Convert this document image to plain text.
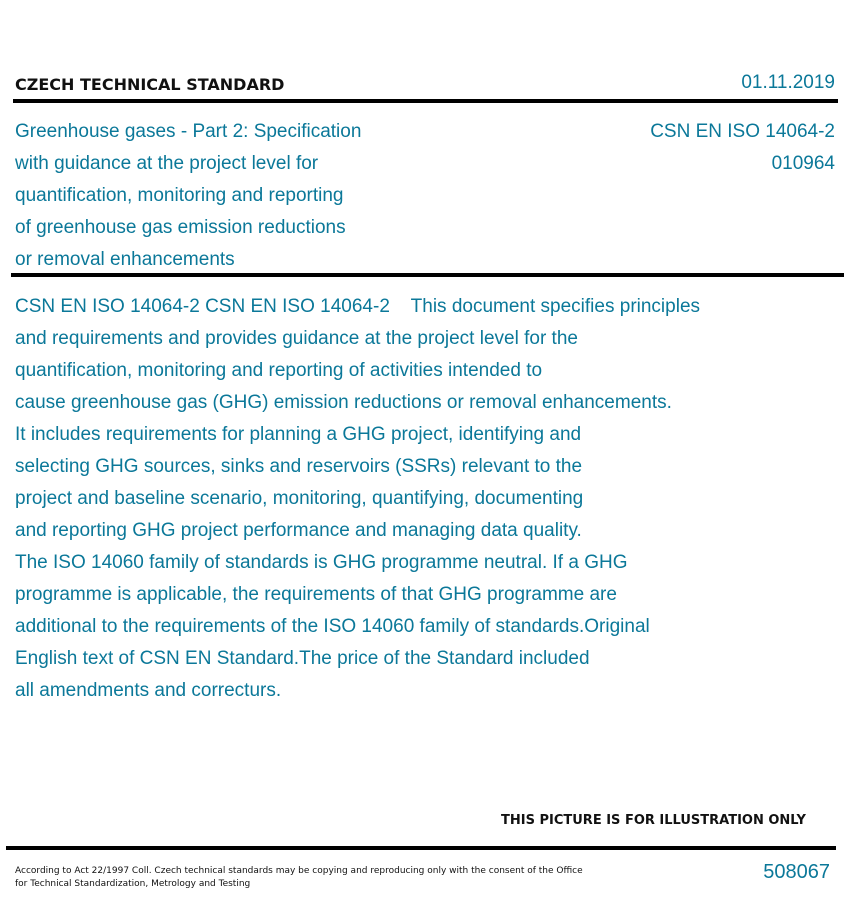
CZECH TECHNICAL STANDARD	01.11.2019
Greenhouse gases - Part 2: Specification
with guidance at the project level for
quantification, monitoring and reporting
of greenhouse gas emission reductions
or removal enhancements
CSN EN ISO 14064-2
010964
CSN EN ISO 14064-2 CSN EN ISO 14064-2    This document specifies principles
and requirements and provides guidance at the project level for the
quantification, monitoring and reporting of activities intended to
cause greenhouse gas (GHG) emission reductions or removal enhancements.
It includes requirements for planning a GHG project, identifying and
selecting GHG sources, sinks and reservoirs (SSRs) relevant to the
project and baseline scenario, monitoring, quantifying, documenting
and reporting GHG project performance and managing data quality.
The ISO 14060 family of standards is GHG programme neutral. If a GHG
programme is applicable, the requirements of that GHG programme are
additional to the requirements of the ISO 14060 family of standards.Original
English text of CSN EN Standard.The price of the Standard included
all amendments and correcturs.
THIS PICTURE IS FOR ILLUSTRATION ONLY
According to Act 22/1997 Coll. Czech technical standards may be copying and reproducing only with the consent of the Office
for Technical Standardization, Metrology and Testing
508067
